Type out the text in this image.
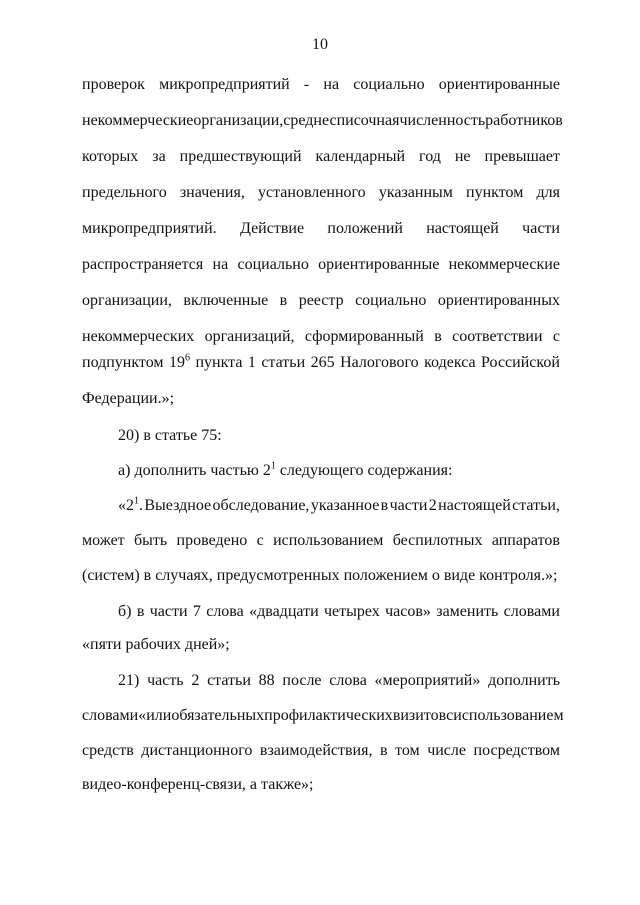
10
проверок микропредприятий - на социально ориентированные
некоммерческие организации, среднесписочная численность работников
которых за предшествующий календарный год не превышает
предельного значения, установленного указанным пунктом для
микропредприятий. Действие положений настоящей части
распространяется на социально ориентированные некоммерческие
организации, включенные в реестр социально ориентированных
некоммерческих организаций, сформированный в соответствии с
подпунктом $19^6$ пункта 1 статьи 265 Налогового кодекса Российской
Федерации.»;
20) в статье 75:
а) дополнить частью $2^1$ следующего содержания:
«$2^1$. Выездное обследование, указанное в части 2 настоящей статьи,
может быть проведено с использованием беспилотных аппаратов
(систем) в случаях, предусмотренных положением о виде контроля.»;
б) в части 7 слова «двадцати четырех часов» заменить словами
«пяти рабочих дней»;
21) часть 2 статьи 88 после слова «мероприятий» дополнить
словами «или обязательных профилактических визитов с использованием
средств дистанционного взаимодействия, в том числе посредством
видео-конференц-связи, а также»;
